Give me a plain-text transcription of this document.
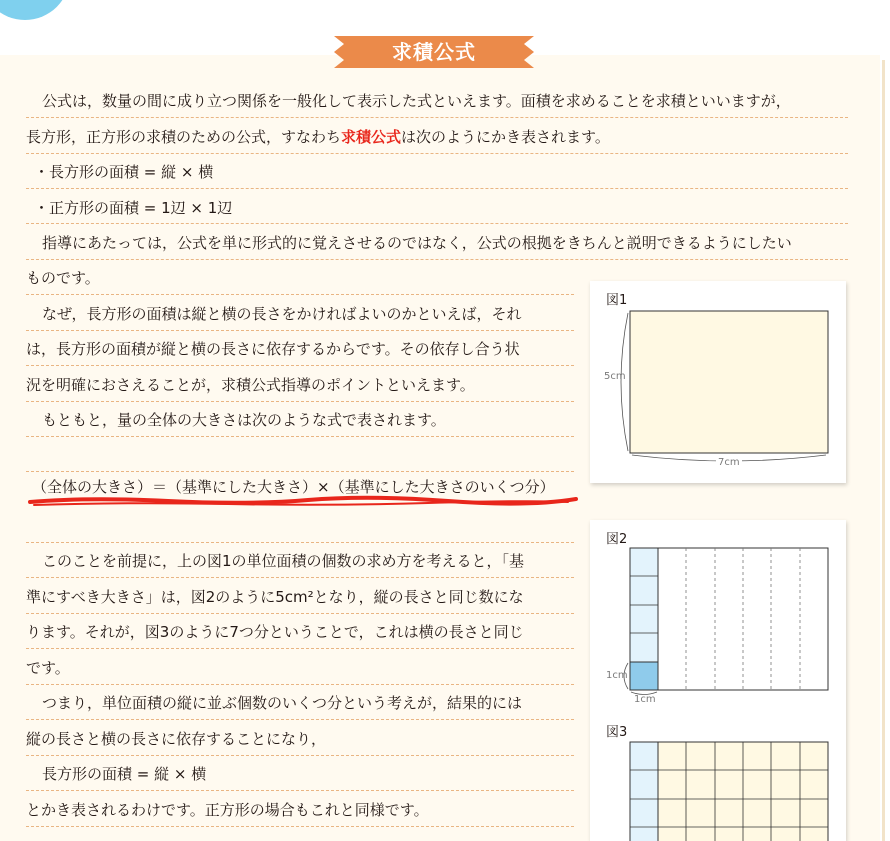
求積公式
公式は，数量の間に成り立つ関係を一般化して表示した式といえます。面積を求めることを求積といいますが，
長方形，正方形の求積のための公式，すなわち求積公式は次のようにかき表されます。
・長方形の面積 = 縦 × 横
・正方形の面積 = 1辺 × 1辺
指導にあたっては，公式を単に形式的に覚えさせるのではなく，公式の根拠をきちんと説明できるようにしたい
ものです。
なぜ，長方形の面積は縦と横の長さをかければよいのかといえば，それ
は，長方形の面積が縦と横の長さに依存するからです。その依存し合う状
況を明確におさえることが，求積公式指導のポイントといえます。
もともと，量の全体の大きさは次のような式で表されます。
（全体の大きさ）＝（基準にした大きさ）×（基準にした大きさのいくつ分）
このことを前提に，上の図1の単位面積の個数の求め方を考えると，「基
準にすべき大きさ」は，図2のように5cm²となり，縦の長さと同じ数にな
ります。それが，図3のように7つ分ということで，これは横の長さと同じ
です。
つまり，単位面積の縦に並ぶ個数のいくつ分という考えが，結果的には
縦の長さと横の長さに依存することになり，
長方形の面積 = 縦 × 横
とかき表されるわけです。正方形の場合もこれと同様です。
図1
5cm
7cm
図2
1cm
1cm
図3
